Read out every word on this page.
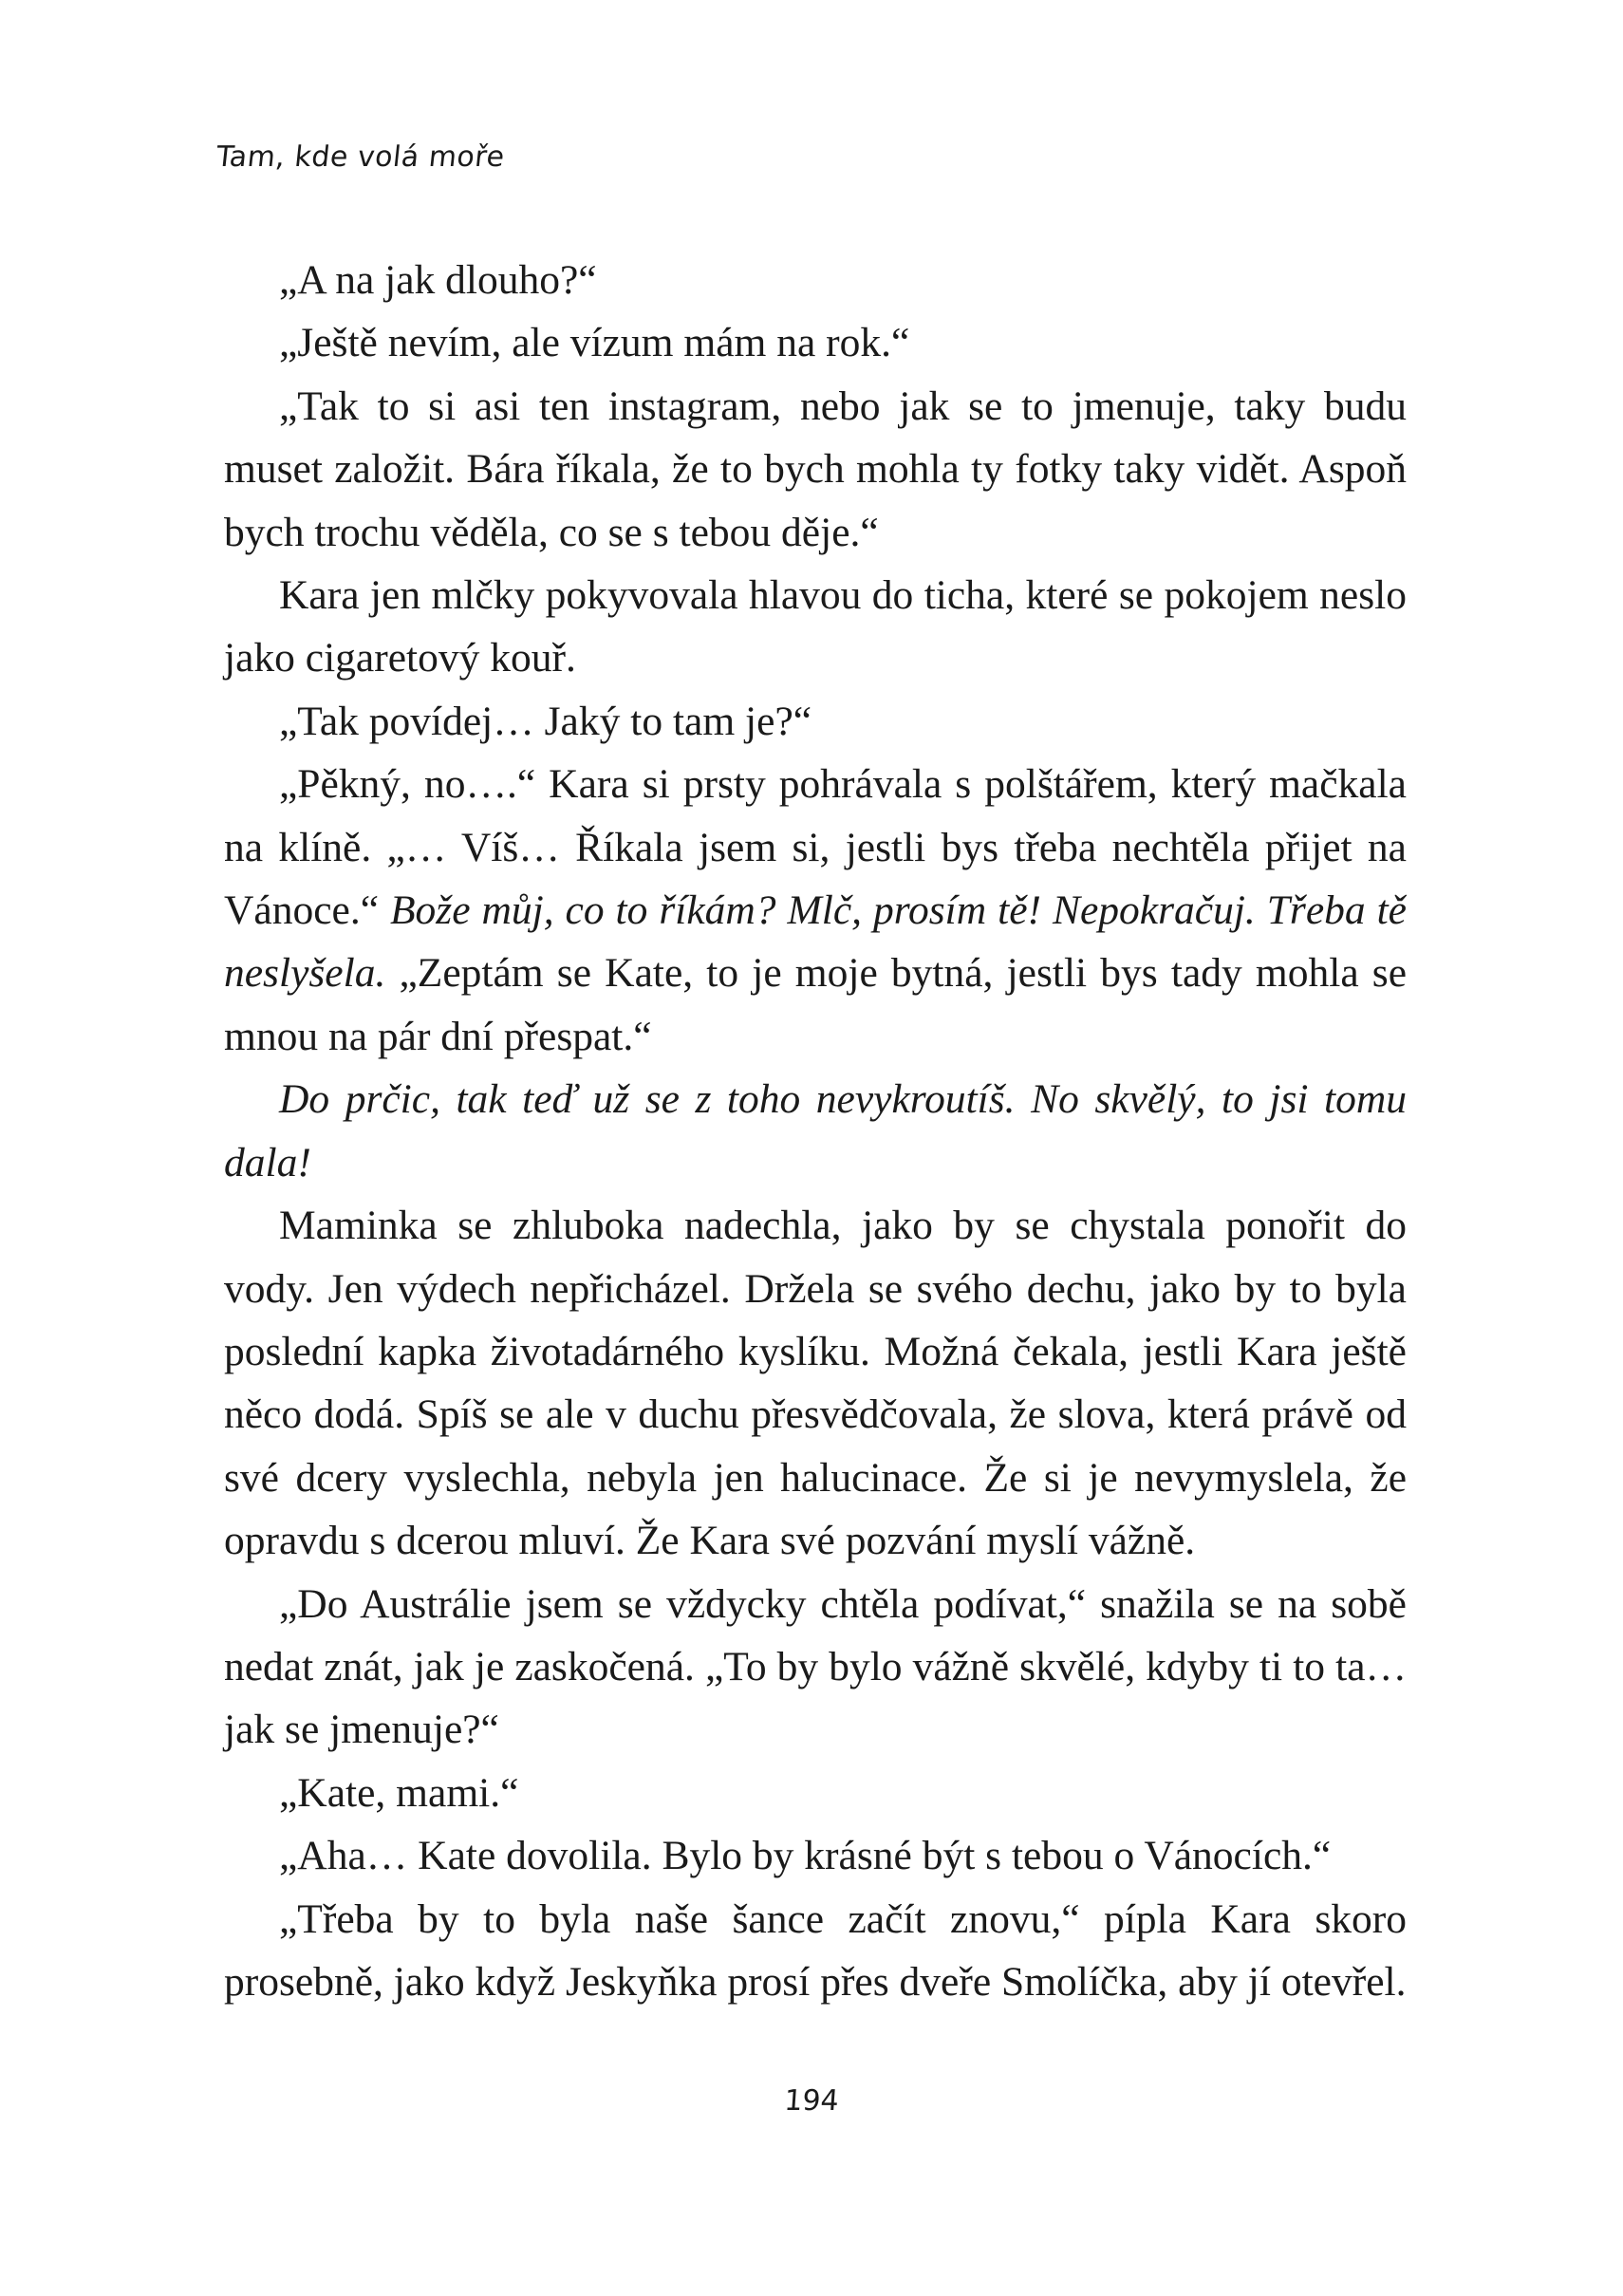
Tam, kde volá moře

„A na jak dlouho?“

„Ještě nevím, ale vízum mám na rok.“

„Tak to si asi ten instagram, nebo jak se to jmenuje, taky budu muset založit. Bára říkala, že to bych mohla ty fotky taky vidět. Aspoň bych trochu věděla, co se s tebou děje.“

Kara jen mlčky pokyvovala hlavou do ticha, které se pokojem neslo jako cigaretový kouř.

„Tak povídej… Jaký to tam je?“

„Pěkný, no….“ Kara si prsty pohrávala s polštářem, který mačkala na klíně. „… Víš… Říkala jsem si, jestli bys třeba nechtěla přijet na Vánoce.“ Bože můj, co to říkám? Mlč, prosím tě! Nepokračuj. Třeba tě neslyšela. „Zeptám se Kate, to je moje bytná, jestli bys tady mohla se mnou na pár dní přespat.“

Do prčic, tak teď už se z toho nevykroutíš. No skvělý, to jsi tomu dala!

Maminka se zhluboka nadechla, jako by se chystala ponořit do vody. Jen výdech nepřicházel. Držela se svého dechu, jako by to byla poslední kapka životadárného kyslíku. Možná čekala, jestli Kara ještě něco dodá. Spíš se ale v duchu přesvědčovala, že slova, která právě od své dcery vyslechla, nebyla jen halucinace. Že si je nevymyslela, že opravdu s dcerou mluví. Že Kara své pozvání myslí vážně.

„Do Austrálie jsem se vždycky chtěla podívat,“ snažila se na sobě nedat znát, jak je zaskočená. „To by bylo vážně skvělé, kdyby ti to ta… jak se jmenuje?“

„Kate, mami.“

„Aha… Kate dovolila. Bylo by krásné být s tebou o Vánocích.“

„Třeba by to byla naše šance začít znovu,“ pípla Kara skoro prosebně, jako když Jeskyňka prosí přes dveře Smolíčka, aby jí otevřel.

194
